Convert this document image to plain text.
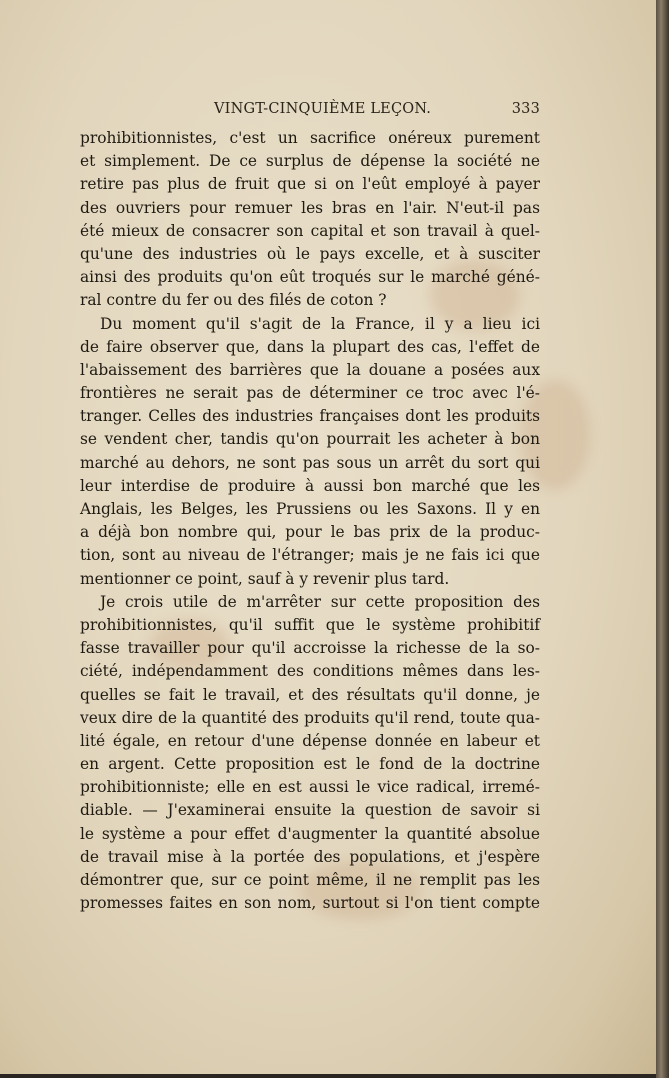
VINGT-CINQUIÈME LEÇON.	333
prohibitionnistes, c'est un sacrifice onéreux purement
et simplement. De ce surplus de dépense la société ne
retire pas plus de fruit que si on l'eût employé à payer
des ouvriers pour remuer les bras en l'air. N'eut-il pas
été mieux de consacrer son capital et son travail à quel-
qu'une des industries où le pays excelle, et à susciter
ainsi des produits qu'on eût troqués sur le marché géné-
ral contre du fer ou des filés de coton ?
Du moment qu'il s'agit de la France, il y a lieu ici
de faire observer que, dans la plupart des cas, l'effet de
l'abaissement des barrières que la douane a posées aux
frontières ne serait pas de déterminer ce troc avec l'é-
tranger. Celles des industries françaises dont les produits
se vendent cher, tandis qu'on pourrait les acheter à bon
marché au dehors, ne sont pas sous un arrêt du sort qui
leur interdise de produire à aussi bon marché que les
Anglais, les Belges, les Prussiens ou les Saxons. Il y en
a déjà bon nombre qui, pour le bas prix de la produc-
tion, sont au niveau de l'étranger; mais je ne fais ici que
mentionner ce point, sauf à y revenir plus tard.
Je crois utile de m'arrêter sur cette proposition des
prohibitionnistes, qu'il suffit que le système prohibitif
fasse travailler pour qu'il accroisse la richesse de la so-
ciété, indépendamment des conditions mêmes dans les-
quelles se fait le travail, et des résultats qu'il donne, je
veux dire de la quantité des produits qu'il rend, toute qua-
lité égale, en retour d'une dépense donnée en labeur et
en argent. Cette proposition est le fond de la doctrine
prohibitionniste; elle en est aussi le vice radical, irremé-
diable. — J'examinerai ensuite la question de savoir si
le système a pour effet d'augmenter la quantité absolue
de travail mise à la portée des populations, et j'espère
démontrer que, sur ce point même, il ne remplit pas les
promesses faites en son nom, surtout si l'on tient compte
